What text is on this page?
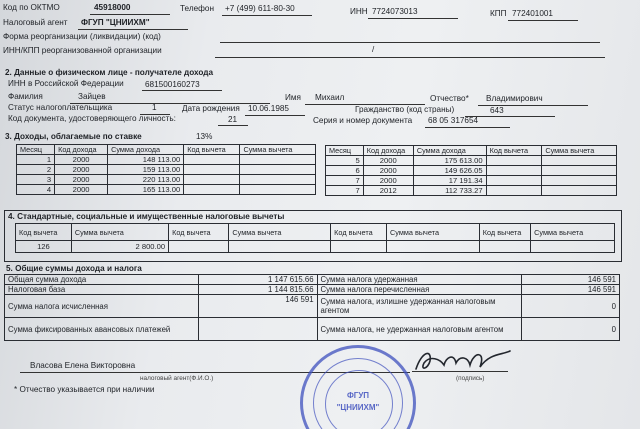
Код по ОКТМО	45918000	Телефон +7 (499) 611-80-30
Налоговый агент ФГУП "ЦНИИХМ"
ИНН 7724073013	КПП 772401001
Форма реорганизации (ликвидации) (код)
ИНН/КПП реорганизованной организации	/
2. Данные о физическом лице - получателе дохода
ИНН в Российской Федерации	681500160273
Фамилия	Зайцев	Имя Михаил	Отчество* Владимирович
Статус налогоплательщика	1	Дата рождения 10.06.1985	Гражданство (код страны)	643
Код документа, удостоверяющего личность:	21	Серия и номер документа 68 05 317654
3. Доходы, облагаемые по ставке	13%
Месяц	Код дохода	Сумма дохода	Код вычета	Сумма вычета
1	2000	148 113.00		
2	2000	159 113.00		
3	2000	220 113.00		
4	2000	165 113.00		
Месяц	Код дохода	Сумма дохода	Код вычета	Сумма вычета
5	2000	175 613.00		
6	2000	149 626.05		
7	2000	17 191.34		
7	2012	112 733.27		
4. Стандартные, социальные и имущественные налоговые вычеты
Код вычета	Сумма вычета	Код вычета	Сумма вычета	Код вычета	Сумма вычета	Код вычета	Сумма вычета
126	2 800.00						
5. Общие суммы дохода и налога
Общая сумма дохода	1 147 615.66	Сумма налога удержанная	146 591
Налоговая база	1 144 815.66	Сумма налога перечисленная	146 591
Сумма налога исчисленная	146 591	Сумма налога, излишне удержанная налоговым агентом	0
Сумма фиксированных авансовых платежей		Сумма налога, не удержанная налоговым агентом	0
Власова Елена Викторовна
налоговый агент(Ф.И.О.)	(подпись)
* Отчество указывается при наличии
ФГУП
"ЦНИИХМ"
